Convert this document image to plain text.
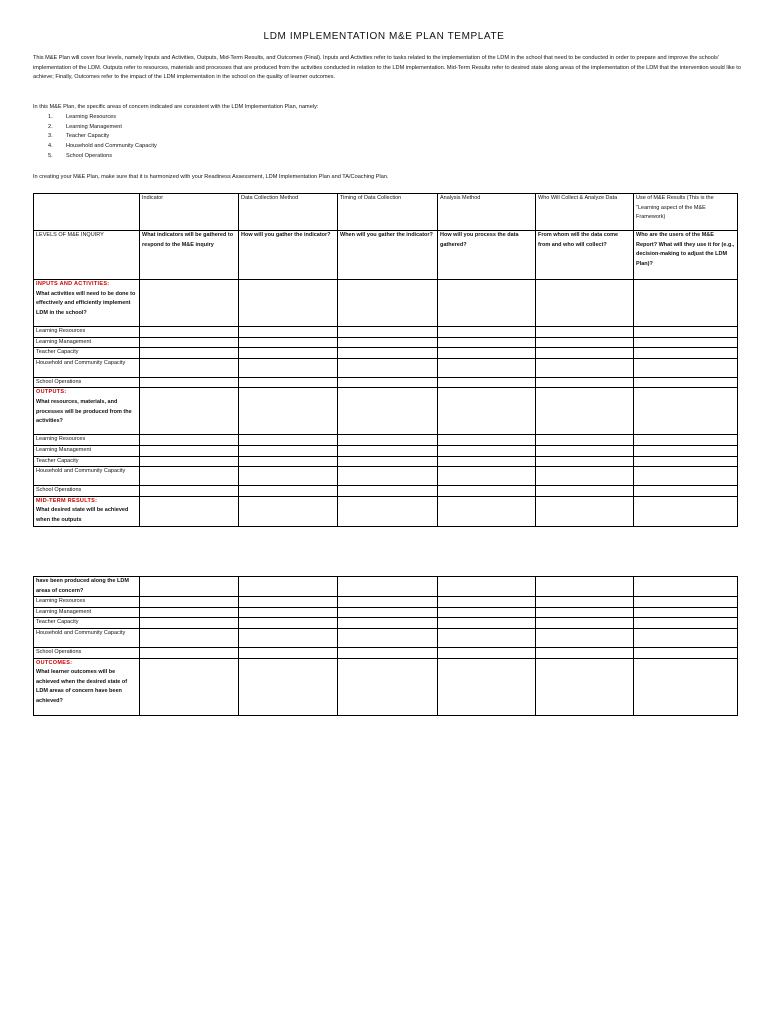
LDM IMPLEMENTATION M&E PLAN TEMPLATE
This M&E Plan will cover four levels, namely Inputs and Activities, Outputs, Mid-Term Results, and Outcomes (Final). Inputs and Activities refer to tasks related to the implementation of the LDM in the school that need to be conducted in order to prepare and improve the schools' implementation of the LDM. Outputs refer to resources, materials and processes that are produced from the activities conducted in relation to the LDM implementation. Mid-Term Results refer to desired state along areas of the implementation of the LDM that the intervention would like to achieve; Finally, Outcomes refer to the impact of the LDM implementation in the school on the quality of learner outcomes.
In this M&E Plan, the specific areas of concern indicated are consistent with the LDM Implementation Plan, namely:
1. Learning Resources
2. Learning Management
3. Teacher Capacity
4. Household and Community Capacity
5. School Operations
In creating your M&E Plan, make sure that it is harmonized with your Readiness Assessment, LDM Implementation Plan and TA/Coaching Plan.
	Indicator	Data Collection Method	Timing of Data Collection	Analysis Method	Who Will Collect & Analyze Data	Use of M&E Results (This is the "Learning aspect of the M&E Framework)
LEVELS OF M&E INQUIRY	What indicators will be gathered to respond to the M&E inquiry	How will you gather the indicator?	When will you gather the indicator?	How will you process the data gathered?	From whom will the data come from and who will collect?	Who are the users of the M&E Report? What will they use it for (e.g., decision-making to adjust the LDM Plan)?

INPUTS AND ACTIVITIES:
What activities will need to be done to effectively and efficiently implement LDM in the school?						

Learning Resources						
Learning Management						
Teacher Capacity						
Household and Community Capacity						
School Operations						

OUTPUTS:
What resources, materials, and processes will be produced from the activities?						

Learning Resources						
Learning Management						
Teacher Capacity						
Household and Community Capacity						
School Operations						

MID-TERM RESULTS:
What desired state will be achieved when the outputs						

have been produced along the LDM areas of concern?						
Learning Resources						
Learning Management						
Teacher Capacity						
Household and Community Capacity						
School Operations						

OUTCOMES:
What learner outcomes will be achieved when the desired state of LDM areas of concern have been achieved?						
